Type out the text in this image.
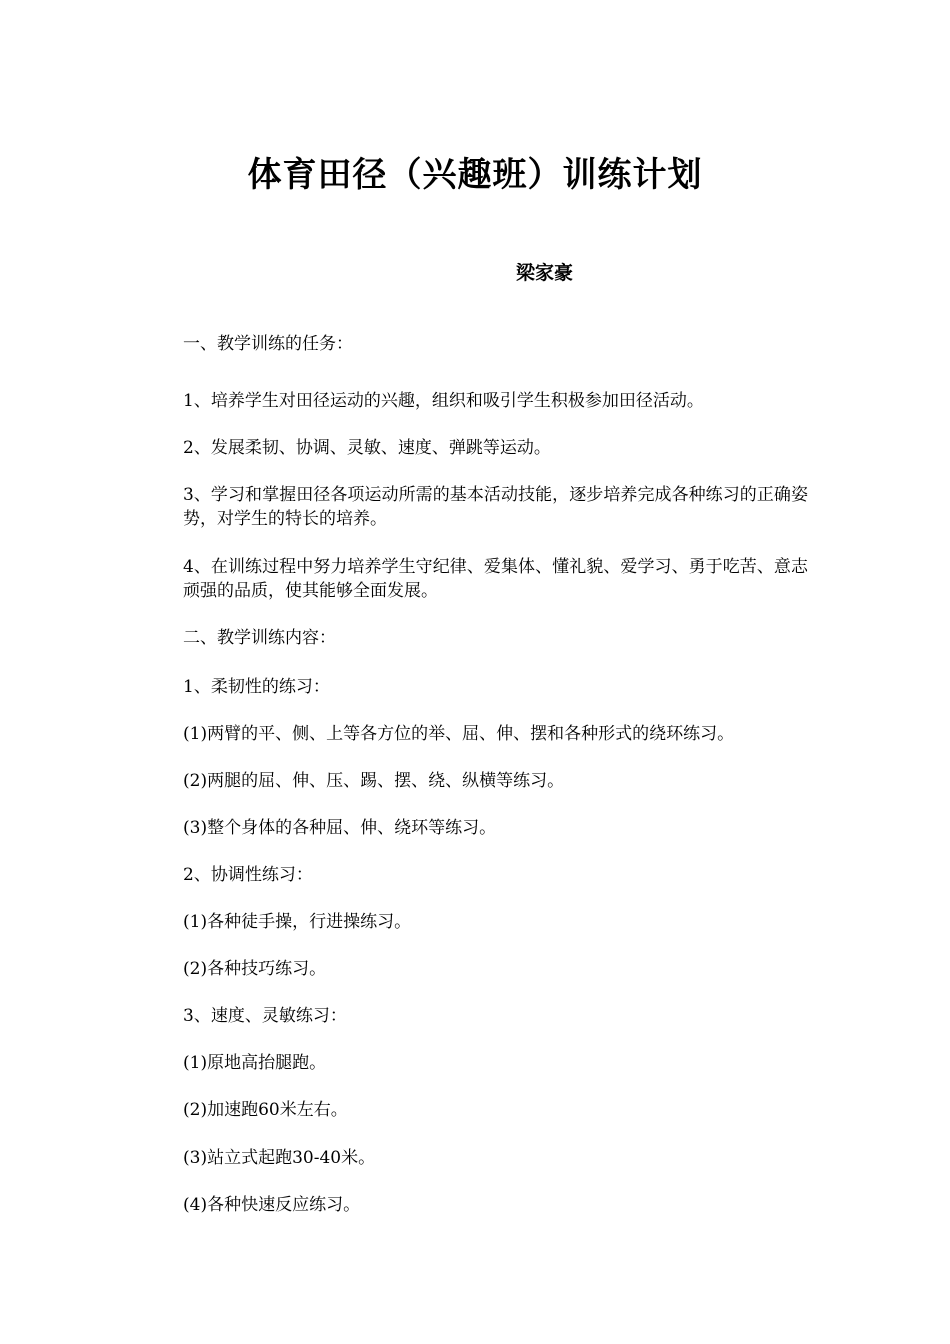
体育田径（兴趣班）训练计划
梁家豪

一、教学训练的任务：

1、培养学生对田径运动的兴趣，组织和吸引学生积极参加田径活动。

2、发展柔韧、协调、灵敏、速度、弹跳等运动。

3、学习和掌握田径各项运动所需的基本活动技能，逐步培养完成各种练习的正确姿势，对学生的特长的培养。

4、在训练过程中努力培养学生守纪律、爱集体、懂礼貌、爱学习、勇于吃苦、意志顽强的品质，使其能够全面发展。

二、教学训练内容：

1、柔韧性的练习：

(1)两臂的平、侧、上等各方位的举、屈、伸、摆和各种形式的绕环练习。

(2)两腿的屈、伸、压、踢、摆、绕、纵横等练习。

(3)整个身体的各种屈、伸、绕环等练习。

2、协调性练习：

(1)各种徒手操，行进操练习。

(2)各种技巧练习。

3、速度、灵敏练习：

(1)原地高抬腿跑。

(2)加速跑60米左右。

(3)站立式起跑30-40米。

(4)各种快速反应练习。
